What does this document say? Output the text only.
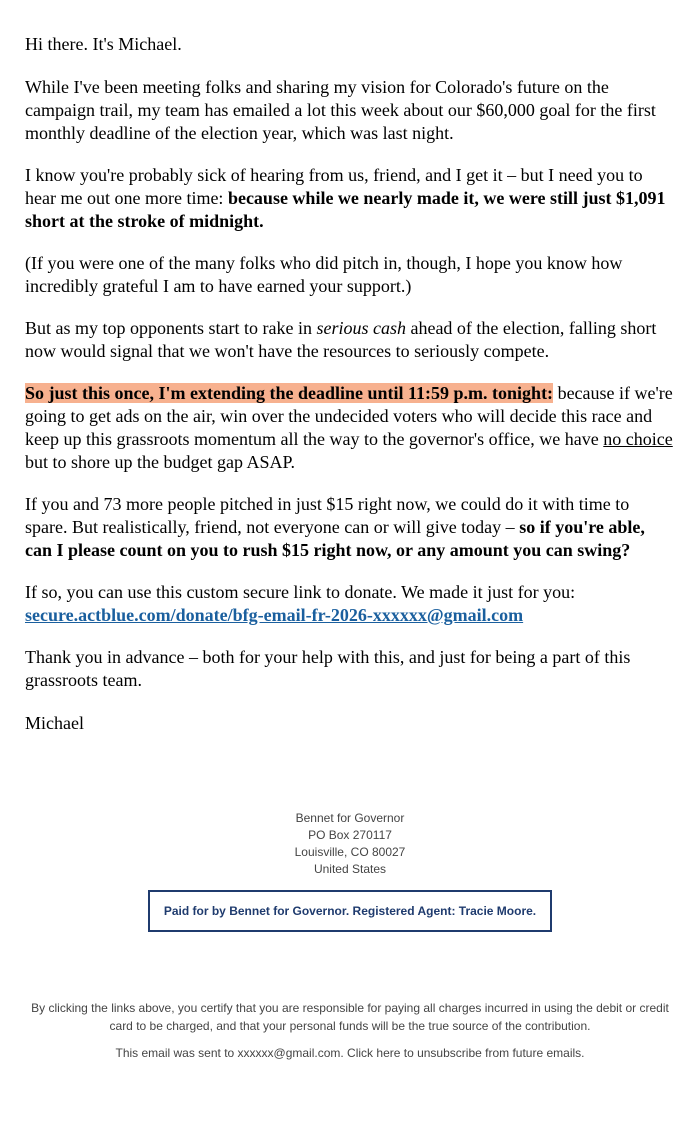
Hi there. It's Michael.

While I've been meeting folks and sharing my vision for Colorado's future on the campaign trail, my team has emailed a lot this week about our $60,000 goal for the first monthly deadline of the election year, which was last night.

I know you're probably sick of hearing from us, friend, and I get it – but I need you to hear me out one more time: because while we nearly made it, we were still just $1,091 short at the stroke of midnight.

(If you were one of the many folks who did pitch in, though, I hope you know how incredibly grateful I am to have earned your support.)

But as my top opponents start to rake in serious cash ahead of the election, falling short now would signal that we won't have the resources to seriously compete.

So just this once, I'm extending the deadline until 11:59 p.m. tonight: because if we're going to get ads on the air, win over the undecided voters who will decide this race and keep up this grassroots momentum all the way to the governor's office, we have no choice but to shore up the budget gap ASAP.

If you and 73 more people pitched in just $15 right now, we could do it with time to spare. But realistically, friend, not everyone can or will give today – so if you're able, can I please count on you to rush $15 right now, or any amount you can swing?

If so, you can use this custom secure link to donate. We made it just for you:
secure.actblue.com/donate/bfg-email-fr-2026-xxxxxx@gmail.com

Thank you in advance – both for your help with this, and just for being a part of this grassroots team.

Michael

Bennet for Governor
PO Box 270117
Louisville, CO 80027
United States
Paid for by Bennet for Governor. Registered Agent: Tracie Moore.
By clicking the links above, you certify that you are responsible for paying all charges incurred in using the debit or credit card to be charged, and that your personal funds will be the true source of the contribution.
This email was sent to xxxxxx@gmail.com. Click here to unsubscribe from future emails.
